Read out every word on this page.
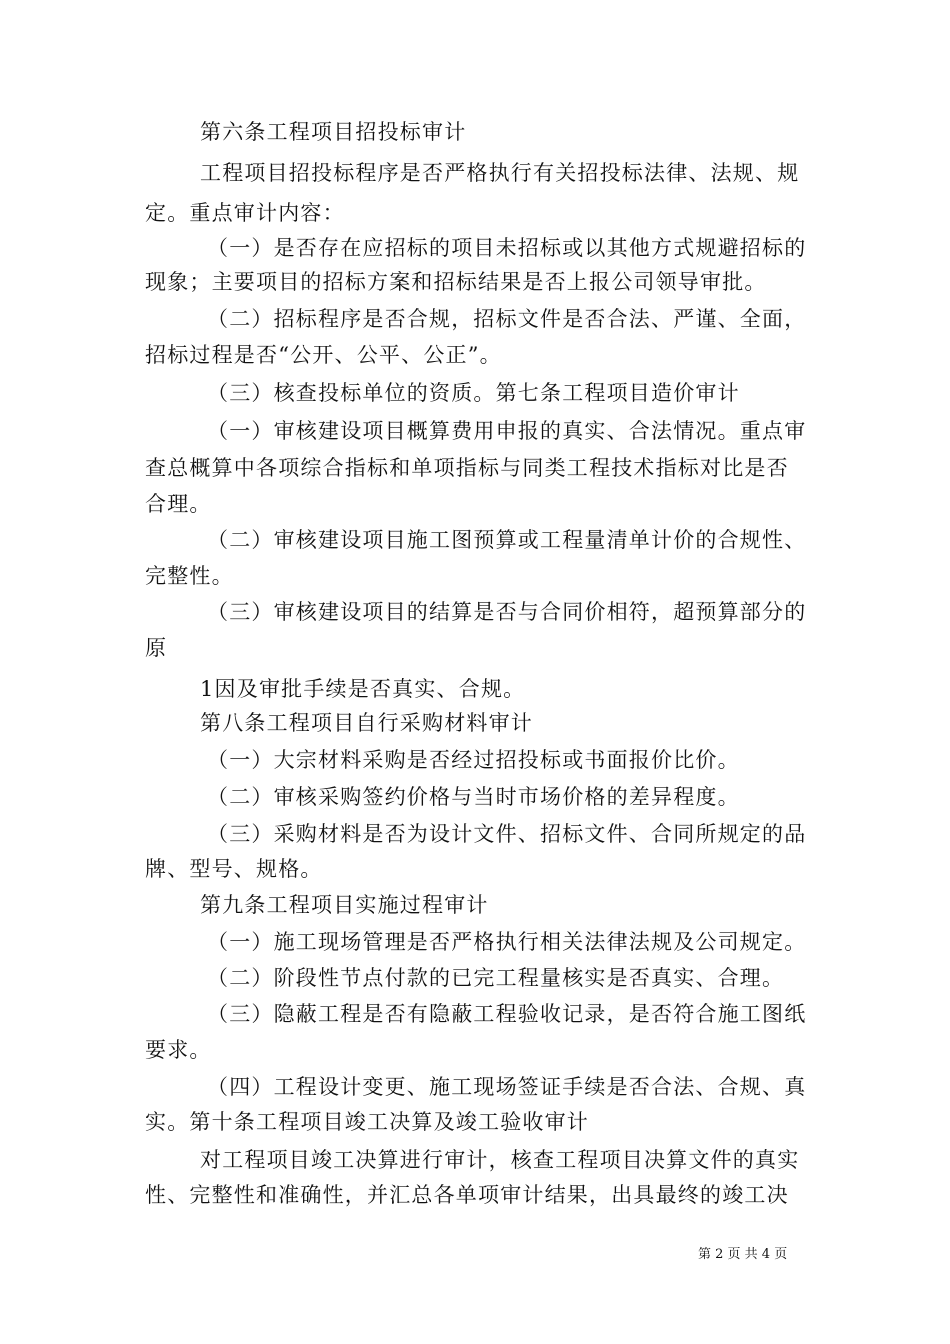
第六条工程项目招投标审计

工程项目招投标程序是否严格执行有关招投标法律、法规、规

定。重点审计内容：

（一）是否存在应招标的项目未招标或以其他方式规避招标的

现象；主要项目的招标方案和招标结果是否上报公司领导审批。

（二）招标程序是否合规，招标文件是否合法、严谨、全面，

招标过程是否“公开、公平、公正”。

（三）核查投标单位的资质。第七条工程项目造价审计

（一）审核建设项目概算费用申报的真实、合法情况。重点审

查总概算中各项综合指标和单项指标与同类工程技术指标对比是否

合理。

（二）审核建设项目施工图预算或工程量清单计价的合规性、

完整性。

（三）审核建设项目的结算是否与合同价相符，超预算部分的

原

1因及审批手续是否真实、合规。

第八条工程项目自行采购材料审计

（一）大宗材料采购是否经过招投标或书面报价比价。

（二）审核采购签约价格与当时市场价格的差异程度。

（三）采购材料是否为设计文件、招标文件、合同所规定的品

牌、型号、规格。

第九条工程项目实施过程审计

（一）施工现场管理是否严格执行相关法律法规及公司规定。

（二）阶段性节点付款的已完工程量核实是否真实、合理。

（三）隐蔽工程是否有隐蔽工程验收记录，是否符合施工图纸

要求。

（四）工程设计变更、施工现场签证手续是否合法、合规、真

实。第十条工程项目竣工决算及竣工验收审计

对工程项目竣工决算进行审计，核查工程项目决算文件的真实

性、完整性和准确性，并汇总各单项审计结果，出具最终的竣工决

第 2 页 共 4 页
